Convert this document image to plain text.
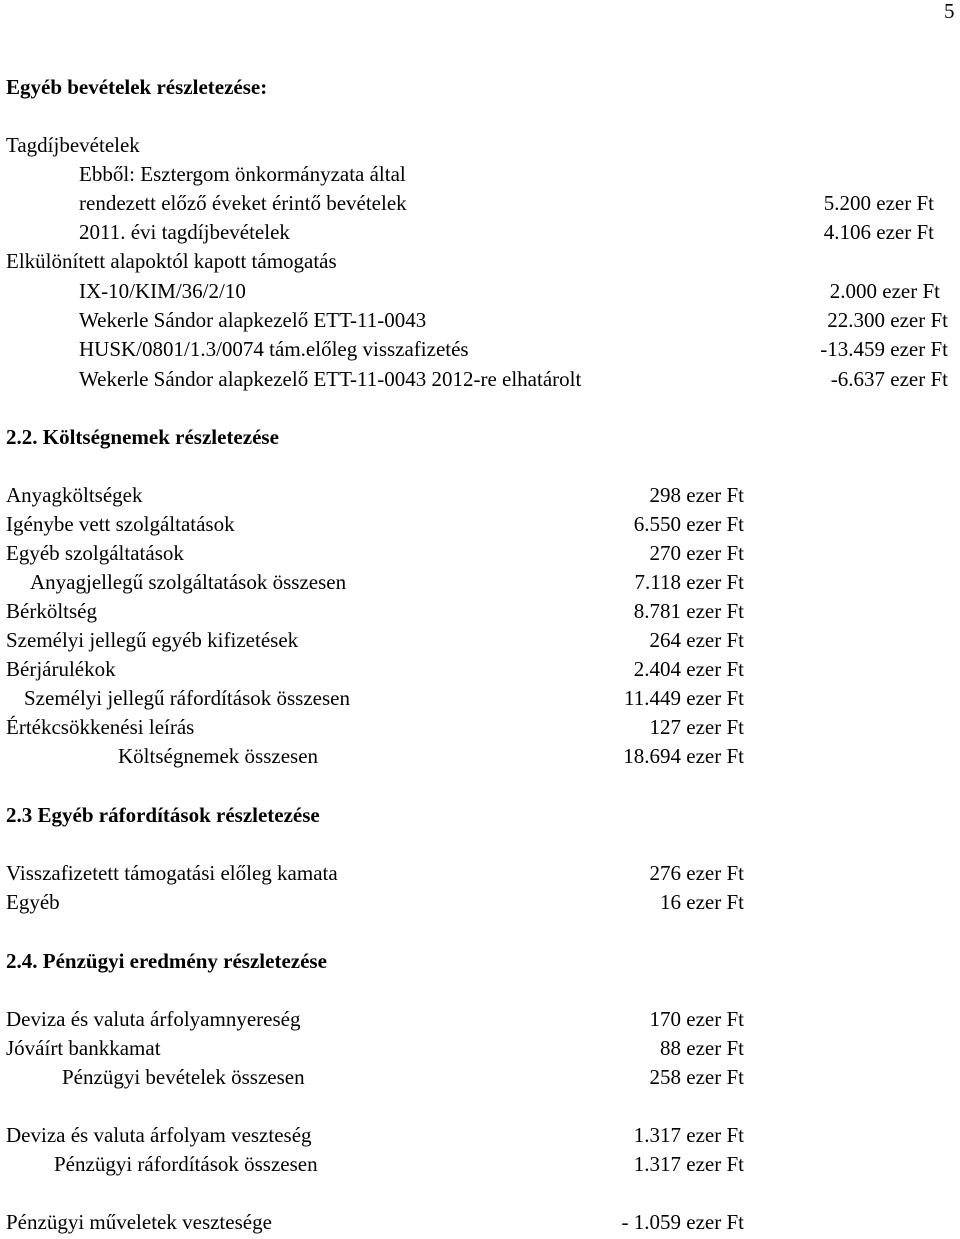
5
Egyéb bevételek részletezése:
Tagdíjbevételek
Ebből: Esztergom önkormányzata által
rendezett előző éveket érintő bevételek	5.200 ezer Ft
2011. évi tagdíjbevételek	4.106 ezer Ft
Elkülönített alapoktól kapott támogatás
IX-10/KIM/36/2/10	2.000 ezer Ft
Wekerle Sándor alapkezelő ETT-11-0043	22.300 ezer Ft
HUSK/0801/1.3/0074 tám.előleg visszafizetés	-13.459 ezer Ft
Wekerle Sándor alapkezelő ETT-11-0043 2012-re elhatárolt	-6.637 ezer Ft
2.2. Költségnemek részletezése
Anyagköltségek	298 ezer Ft
Igénybe vett szolgáltatások	6.550 ezer Ft
Egyéb szolgáltatások	270 ezer Ft
Anyagjellegű szolgáltatások összesen	7.118 ezer Ft
Bérköltség	8.781 ezer Ft
Személyi jellegű egyéb kifizetések	264 ezer Ft
Bérjárulékok	2.404 ezer Ft
Személyi jellegű ráfordítások összesen	11.449 ezer Ft
Értékcsökkenési leírás	127 ezer Ft
Költségnemek összesen	18.694 ezer Ft
2.3 Egyéb ráfordítások részletezése
Visszafizetett támogatási előleg kamata	276 ezer Ft
Egyéb	16 ezer Ft
2.4. Pénzügyi eredmény részletezése
Deviza és valuta árfolyamnyereség	170 ezer Ft
Jóváírt bankkamat	88 ezer Ft
Pénzügyi bevételek összesen	258 ezer Ft
Deviza és valuta árfolyam veszteség	1.317 ezer Ft
Pénzügyi ráfordítások összesen	1.317 ezer Ft
Pénzügyi műveletek vesztesége	- 1.059 ezer Ft
